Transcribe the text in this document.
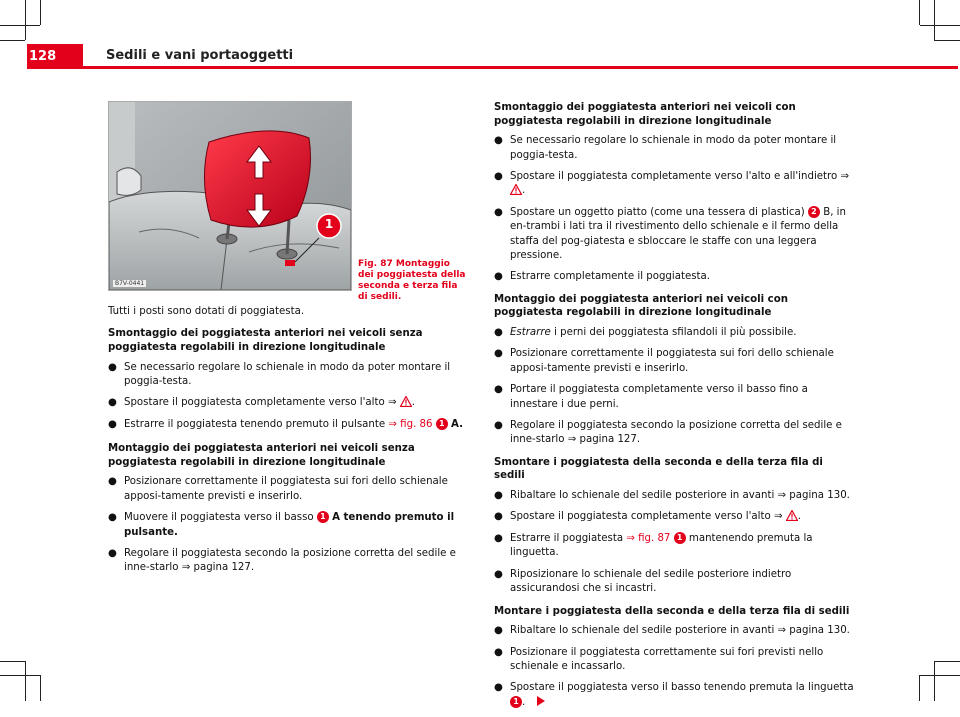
128	Sedili e vani portaoggetti
1
B7V-0441
Fig. 87 Montaggio dei poggiatesta della seconda e terza fila di sedili.

Tutti i posti sono dotati di poggiatesta.

Smontaggio dei poggiatesta anteriori nei veicoli senza poggiatesta regolabili in direzione longitudinale
● Se necessario regolare lo schienale in modo da poter montare il poggia-testa.
● Spostare il poggiatesta completamente verso l'alto ⇒ .
● Estrarre il poggiatesta tenendo premuto il pulsante ⇒ fig. 86 1 A.
Montaggio dei poggiatesta anteriori nei veicoli senza poggiatesta regolabili in direzione longitudinale
● Posizionare correttamente il poggiatesta sui fori dello schienale apposi-tamente previsti e inserirlo.
● Muovere il poggiatesta verso il basso 1 A tenendo premuto il pulsante.
● Regolare il poggiatesta secondo la posizione corretta del sedile e inne-starlo ⇒ pagina 127.
Smontaggio dei poggiatesta anteriori nei veicoli con poggiatesta regolabili in direzione longitudinale
● Se necessario regolare lo schienale in modo da poter montare il poggia-testa.
● Spostare il poggiatesta completamente verso l'alto e all'indietro ⇒ .
● Spostare un oggetto piatto (come una tessera di plastica) 2 B, in en-trambi i lati tra il rivestimento dello schienale e il fermo della staffa del pog-giatesta e sbloccare le staffe con una leggera pressione.
● Estrarre completamente il poggiatesta.
Montaggio dei poggiatesta anteriori nei veicoli con poggiatesta regolabili in direzione longitudinale
● Estrarre i perni dei poggiatesta sfilandoli il più possibile.
● Posizionare correttamente il poggiatesta sui fori dello schienale apposi-tamente previsti e inserirlo.
● Portare il poggiatesta completamente verso il basso fino a innestare i due perni.
● Regolare il poggiatesta secondo la posizione corretta del sedile e inne-starlo ⇒ pagina 127.
Smontare i poggiatesta della seconda e della terza fila di sedili
● Ribaltare lo schienale del sedile posteriore in avanti ⇒ pagina 130.
● Spostare il poggiatesta completamente verso l'alto ⇒ .
● Estrarre il poggiatesta ⇒ fig. 87 1 mantenendo premuta la linguetta.
● Riposizionare lo schienale del sedile posteriore indietro assicurandosi che si incastri.
Montare i poggiatesta della seconda e della terza fila di sedili
● Ribaltare lo schienale del sedile posteriore in avanti ⇒ pagina 130.
● Posizionare il poggiatesta correttamente sui fori previsti nello schienale e incassarlo.
● Spostare il poggiatesta verso il basso tenendo premuta la linguetta 1 .
